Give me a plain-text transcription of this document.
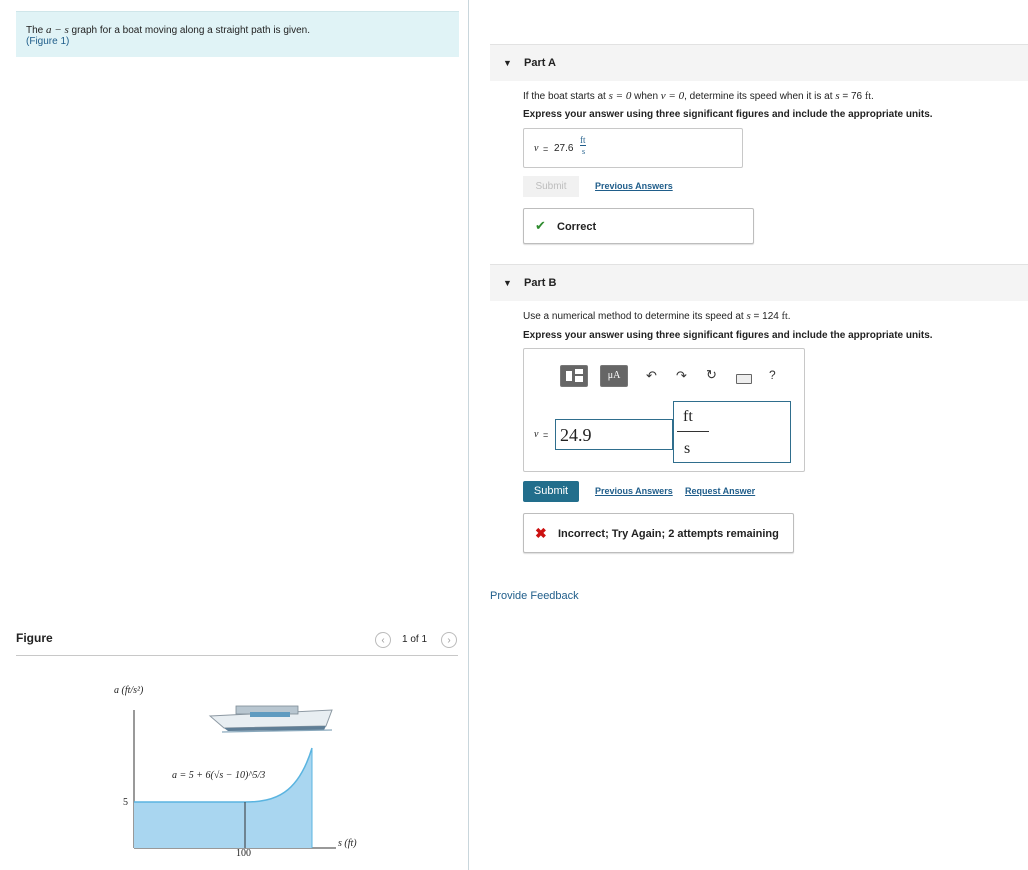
The a − s graph for a boat moving along a straight path is given.
(Figure 1)
Figure	‹	1 of 1	›
a (ft/s²)
s (ft)
a = 5 + 6(√s − 10)^5/3
5
100
▼ Part A
If the boat starts at s = 0 when v = 0, determine its speed when it is at s = 76 ft.
Express your answer using three significant figures and include the appropriate units.
v = 27.6
ft
s
Submit	Previous Answers
✔ Correct
▼ Part B
Use a numerical method to determine its speed at s = 124 ft.
Express your answer using three significant figures and include the appropriate units.
μA	↶ ↷ ↻	?
v = 24.9
ft
s
Submit	Previous Answers Request Answer
✖ Incorrect; Try Again; 2 attempts remaining
Provide Feedback
